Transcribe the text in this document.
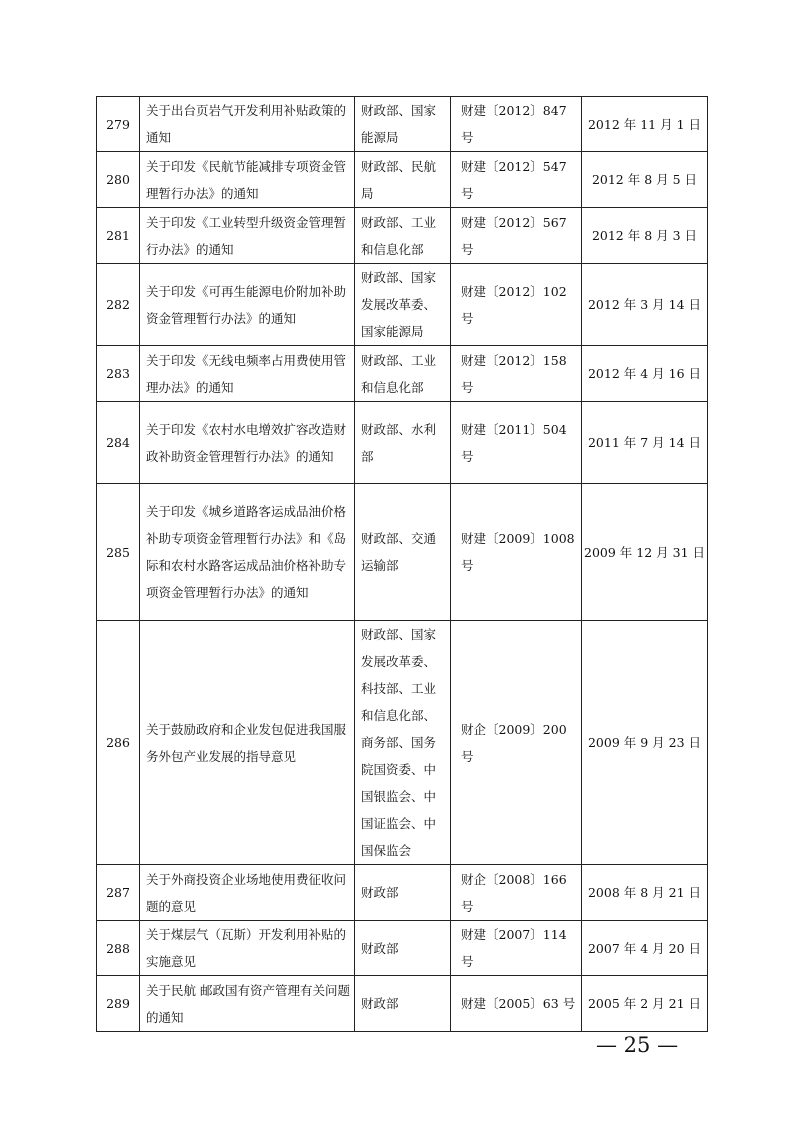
279	关于出台页岩气开发利用补贴政策的通知	财政部、国家能源局	财建〔2012〕847 号	2012 年 11 月 1 日
280	关于印发《民航节能减排专项资金管理暂行办法》的通知	财政部、民航局	财建〔2012〕547 号	2012 年 8 月 5 日
281	关于印发《工业转型升级资金管理暂行办法》的通知	财政部、工业和信息化部	财建〔2012〕567 号	2012 年 8 月 3 日
282	关于印发《可再生能源电价附加补助资金管理暂行办法》的通知	财政部、国家发展改革委、国家能源局	财建〔2012〕102 号	2012 年 3 月 14 日
283	关于印发《无线电频率占用费使用管理办法》的通知	财政部、工业和信息化部	财建〔2012〕158 号	2012 年 4 月 16 日
284	关于印发《农村水电增效扩容改造财政补助资金管理暂行办法》的通知	财政部、水利部	财建〔2011〕504 号	2011 年 7 月 14 日
285	关于印发《城乡道路客运成品油价格补助专项资金管理暂行办法》和《岛际和农村水路客运成品油价格补助专项资金管理暂行办法》的通知	财政部、交通运输部	财建〔2009〕1008 号	2009 年 12 月 31 日
286	关于鼓励政府和企业发包促进我国服务外包产业发展的指导意见	财政部、国家发展改革委、科技部、工业和信息化部、商务部、国务院国资委、中国银监会、中国证监会、中国保监会	财企〔2009〕200 号	2009 年 9 月 23 日
287	关于外商投资企业场地使用费征收问题的意见	财政部	财企〔2008〕166 号	2008 年 8 月 21 日
288	关于煤层气（瓦斯）开发利用补贴的实施意见	财政部	财建〔2007〕114 号	2007 年 4 月 20 日
289	关于民航 邮政国有资产管理有关问题的通知	财政部	财建〔2005〕63 号	2005 年 2 月 21 日
— 25 —
